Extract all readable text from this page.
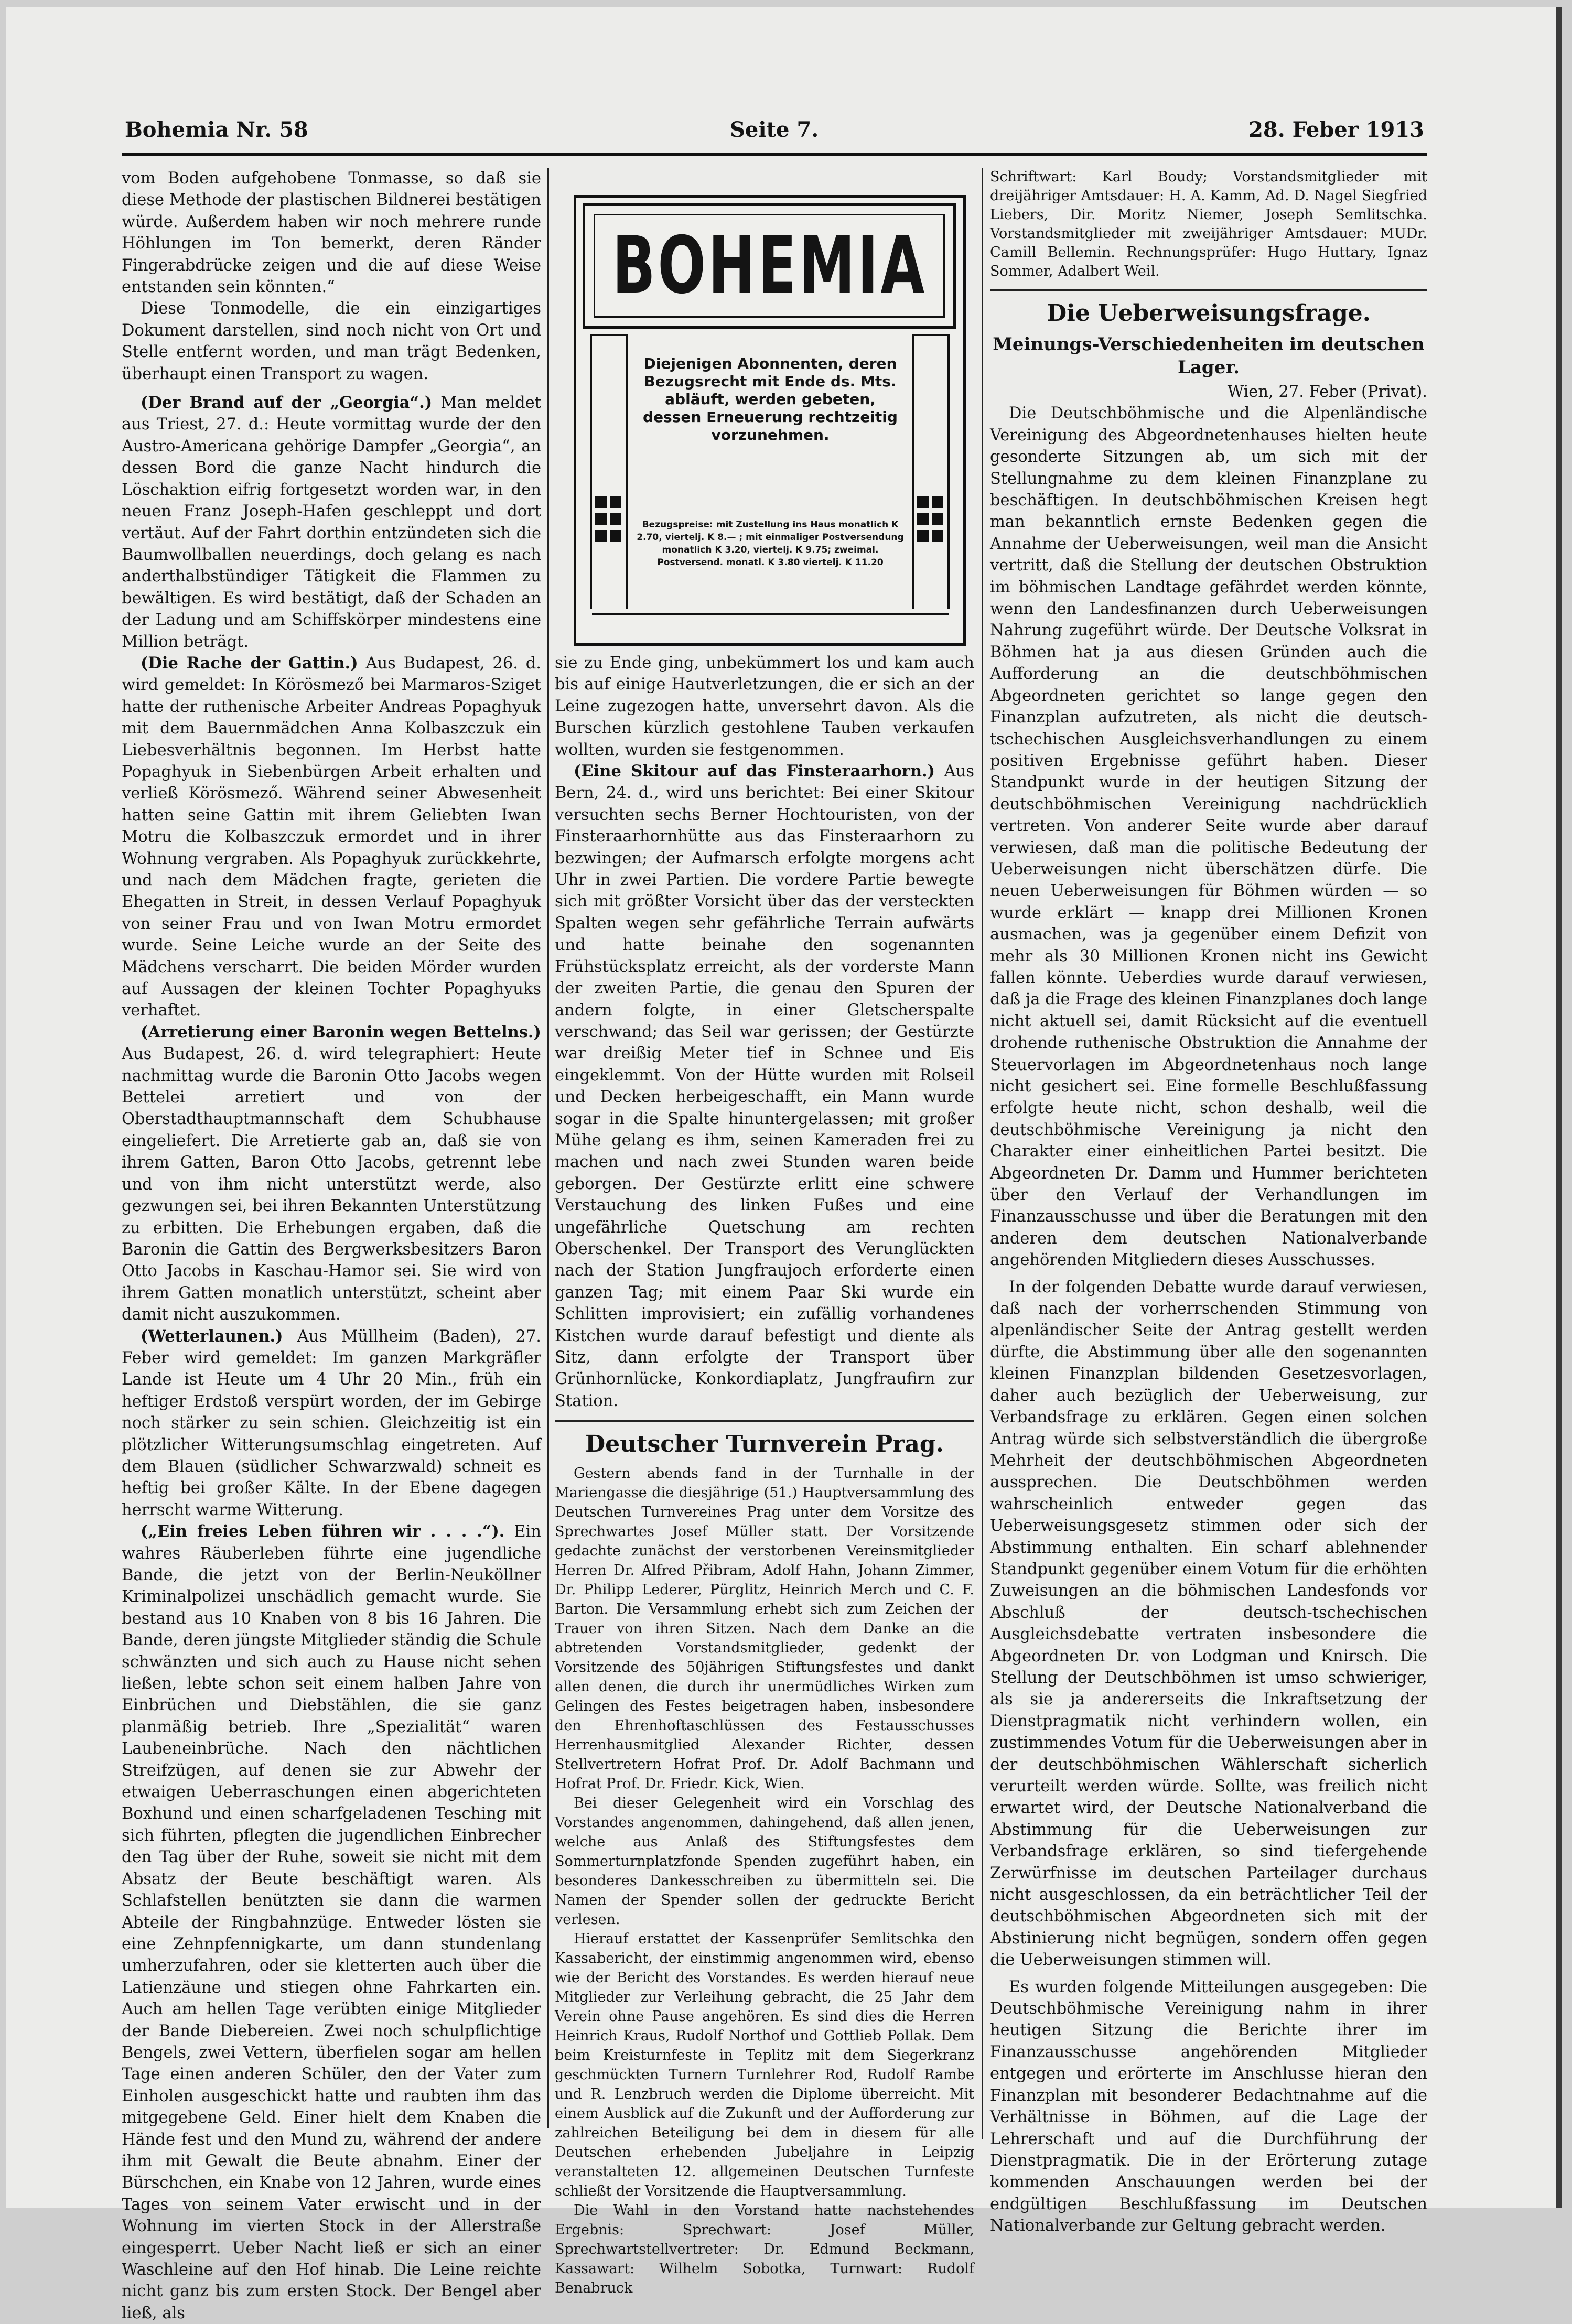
Bohemia Nr. 58	Seite 7.	28. Feber 1913

vom Boden aufgehobene Tonmasse, so daß sie diese Methode der plastischen Bildnerei bestätigen würde. Außerdem haben wir noch mehrere runde Höhlungen im Ton bemerkt, deren Ränder Fingerabdrücke zeigen und die auf diese Weise entstanden sein könnten.“

Diese Tonmodelle, die ein einzigartiges Dokument darstellen, sind noch nicht von Ort und Stelle entfernt worden, und man trägt Bedenken, überhaupt einen Transport zu wagen.

(Der Brand auf der „Georgia“.) Man meldet aus Triest, 27. d.: Heute vormittag wurde der den Austro-Americana gehörige Dampfer „Georgia“, an dessen Bord die ganze Nacht hindurch die Löschaktion eifrig fortgesetzt worden war, in den neuen Franz Joseph-Hafen geschleppt und dort vertäut. Auf der Fahrt dorthin entzündeten sich die Baumwollballen neuerdings, doch gelang es nach anderthalbstündiger Tätigkeit die Flammen zu bewältigen. Es wird bestätigt, daß der Schaden an der Ladung und am Schiffskörper mindestens eine Million beträgt.

(Die Rache der Gattin.) Aus Budapest, 26. d. wird gemeldet: In Körösmező bei Marmaros-Sziget hatte der ruthenische Arbeiter Andreas Popaghyuk mit dem Bauernmädchen Anna Kolbaszczuk ein Liebesverhältnis begonnen. Im Herbst hatte Popaghyuk in Siebenbürgen Arbeit erhalten und verließ Körösmező. Während seiner Abwesenheit hatten seine Gattin mit ihrem Geliebten Iwan Motru die Kolbaszczuk ermordet und in ihrer Wohnung vergraben. Als Popaghyuk zurückkehrte, und nach dem Mädchen fragte, gerieten die Ehegatten in Streit, in dessen Verlauf Popaghyuk von seiner Frau und von Iwan Motru ermordet wurde. Seine Leiche wurde an der Seite des Mädchens verscharrt. Die beiden Mörder wurden auf Aussagen der kleinen Tochter Popaghyuks verhaftet.

(Arretierung einer Baronin wegen Bettelns.) Aus Budapest, 26. d. wird telegraphiert: Heute nachmittag wurde die Baronin Otto Jacobs wegen Bettelei arretiert und von der Oberstadthauptmannschaft dem Schubhause eingeliefert. Die Arretierte gab an, daß sie von ihrem Gatten, Baron Otto Jacobs, getrennt lebe und von ihm nicht unterstützt werde, also gezwungen sei, bei ihren Bekannten Unterstützung zu erbitten. Die Erhebungen ergaben, daß die Baronin die Gattin des Bergwerksbesitzers Baron Otto Jacobs in Kaschau-Hamor sei. Sie wird von ihrem Gatten monatlich unterstützt, scheint aber damit nicht auszukommen.

(Wetterlaunen.) Aus Müllheim (Baden), 27. Feber wird gemeldet: Im ganzen Markgräfler Lande ist Heute um 4 Uhr 20 Min., früh ein heftiger Erdstoß verspürt worden, der im Gebirge noch stärker zu sein schien. Gleichzeitig ist ein plötzlicher Witterungsumschlag eingetreten. Auf dem Blauen (südlicher Schwarzwald) schneit es heftig bei großer Kälte. In der Ebene dagegen herrscht warme Witterung.

(„Ein freies Leben führen wir . . . .“). Ein wahres Räuberleben führte eine jugendliche Bande, die jetzt von der Berlin-Neuköllner Kriminalpolizei unschädlich gemacht wurde. Sie bestand aus 10 Knaben von 8 bis 16 Jahren. Die Bande, deren jüngste Mitglieder ständig die Schule schwänzten und sich auch zu Hause nicht sehen ließen, lebte schon seit einem halben Jahre von Einbrüchen und Diebstählen, die sie ganz planmäßig betrieb. Ihre „Spezialität“ waren Laubeneinbrüche. Nach den nächtlichen Streifzügen, auf denen sie zur Abwehr der etwaigen Ueberraschungen einen abgerichteten Boxhund und einen scharfgeladenen Tesching mit sich führten, pflegten die jugendlichen Einbrecher den Tag über der Ruhe, soweit sie nicht mit dem Absatz der Beute beschäftigt waren. Als Schlafstellen benützten sie dann die warmen Abteile der Ringbahnzüge. Entweder lösten sie eine Zehnpfennigkarte, um dann stundenlang umherzufahren, oder sie kletterten auch über die Latienzäune und stiegen ohne Fahrkarten ein. Auch am hellen Tage verübten einige Mitglieder der Bande Diebereien. Zwei noch schulpflichtige Bengels, zwei Vettern, überfielen sogar am hellen Tage einen anderen Schüler, den der Vater zum Einholen ausgeschickt hatte und raubten ihm das mitgegebene Geld. Einer hielt dem Knaben die Hände fest und den Mund zu, während der andere ihm mit Gewalt die Beute abnahm. Einer der Bürschchen, ein Knabe von 12 Jahren, wurde eines Tages von seinem Vater erwischt und in der Wohnung im vierten Stock in der Allerstraße eingesperrt. Ueber Nacht ließ er sich an einer Waschleine auf den Hof hinab. Die Leine reichte nicht ganz bis zum ersten Stock. Der Bengel aber ließ, als

BOHEMIA

Diejenigen Abonnenten, deren Bezugsrecht mit Ende ds. Mts. abläuft, werden gebeten, dessen Erneuerung rechtzeitig vorzunehmen.
Bezugspreise: mit Zustellung ins Haus monatlich K 2.70, viertelj. K 8.— ; mit einmaliger Postversendung monatlich K 3.20, viertelj. K 9.75; zweimal. Postversend. monatl. K 3.80 viertelj. K 11.20

sie zu Ende ging, unbekümmert los und kam auch bis auf einige Hautverletzungen, die er sich an der Leine zugezogen hatte, unversehrt davon. Als die Burschen kürzlich gestohlene Tauben verkaufen wollten, wurden sie festgenommen.

(Eine Skitour auf das Finsteraarhorn.) Aus Bern, 24. d., wird uns berichtet: Bei einer Skitour versuchten sechs Berner Hochtouristen, von der Finsteraarhornhütte aus das Finsteraarhorn zu bezwingen; der Aufmarsch erfolgte morgens acht Uhr in zwei Partien. Die vordere Partie bewegte sich mit größter Vorsicht über das der versteckten Spalten wegen sehr gefährliche Terrain aufwärts und hatte beinahe den sogenannten Frühstücksplatz erreicht, als der vorderste Mann der zweiten Partie, die genau den Spuren der andern folgte, in einer Gletscherspalte verschwand; das Seil war gerissen; der Gestürzte war dreißig Meter tief in Schnee und Eis eingeklemmt. Von der Hütte wurden mit Rolseil und Decken herbeigeschafft, ein Mann wurde sogar in die Spalte hinuntergelassen; mit großer Mühe gelang es ihm, seinen Kameraden frei zu machen und nach zwei Stunden waren beide geborgen. Der Gestürzte erlitt eine schwere Verstauchung des linken Fußes und eine ungefährliche Quetschung am rechten Oberschenkel. Der Transport des Verunglückten nach der Station Jungfraujoch erforderte einen ganzen Tag; mit einem Paar Ski wurde ein Schlitten improvisiert; ein zufällig vorhandenes Kistchen wurde darauf befestigt und diente als Sitz, dann erfolgte der Transport über Grünhornlücke, Konkordiaplatz, Jungfraufirn zur Station.

Deutscher Turnverein Prag.

Gestern abends fand in der Turnhalle in der Mariengasse die diesjährige (51.) Hauptversammlung des Deutschen Turnvereines Prag unter dem Vorsitze des Sprechwartes Josef Müller statt. Der Vorsitzende gedachte zunächst der verstorbenen Vereinsmitglieder Herren Dr. Alfred Přibram, Adolf Hahn, Johann Zimmer, Dr. Philipp Lederer, Pürglitz, Heinrich Merch und C. F. Barton. Die Versammlung erhebt sich zum Zeichen der Trauer von ihren Sitzen. Nach dem Danke an die abtretenden Vorstandsmitglieder, gedenkt der Vorsitzende des 50jährigen Stiftungsfestes und dankt allen denen, die durch ihr unermüdliches Wirken zum Gelingen des Festes beigetragen haben, insbesondere den Ehrenhoftaschlüssen des Festausschusses Herrenhausmitglied Alexander Richter, dessen Stellvertretern Hofrat Prof. Dr. Adolf Bachmann und Hofrat Prof. Dr. Friedr. Kick, Wien.

Bei dieser Gelegenheit wird ein Vorschlag des Vorstandes angenommen, dahingehend, daß allen jenen, welche aus Anlaß des Stiftungsfestes dem Sommerturnplatzfonde Spenden zugeführt haben, ein besonderes Dankesschreiben zu übermitteln sei. Die Namen der Spender sollen der gedruckte Bericht verlesen.

Hierauf erstattet der Kassenprüfer Semlitschka den Kassabericht, der einstimmig angenommen wird, ebenso wie der Bericht des Vorstandes. Es werden hierauf neue Mitglieder zur Verleihung gebracht, die 25 Jahr dem Verein ohne Pause angehören. Es sind dies die Herren Heinrich Kraus, Rudolf Northof und Gottlieb Pollak. Dem beim Kreisturnfeste in Teplitz mit dem Siegerkranz geschmückten Turnern Turnlehrer Rod, Rudolf Rambe und R. Lenzbruch werden die Diplome überreicht. Mit einem Ausblick auf die Zukunft und der Aufforderung zur zahlreichen Beteiligung bei dem in diesem für alle Deutschen erhebenden Jubeljahre in Leipzig veranstalteten 12. allgemeinen Deutschen Turnfeste schließt der Vorsitzende die Hauptversammlung.

Die Wahl in den Vorstand hatte nachstehendes Ergebnis: Sprechwart: Josef Müller, Sprechwartstellvertreter: Dr. Edmund Beckmann, Kassawart: Wilhelm Sobotka, Turnwart: Rudolf Benabruck

Schriftwart: Karl Boudy; Vorstandsmitglieder mit dreijähriger Amtsdauer: H. A. Kamm, Ad. D. Nagel Siegfried Liebers, Dir. Moritz Niemer, Joseph Semlitschka. Vorstandsmitglieder mit zweijähriger Amtsdauer: MUDr. Camill Bellemin. Rechnungsprüfer: Hugo Huttary, Ignaz Sommer, Adalbert Weil.

Die Ueberweisungsfrage.
Meinungs-Verschiedenheiten im deutschen Lager.
Wien, 27. Feber (Privat).

Die Deutschböhmische und die Alpenländische Vereinigung des Abgeordnetenhauses hielten heute gesonderte Sitzungen ab, um sich mit der Stellungnahme zu dem kleinen Finanzplane zu beschäftigen. In deutschböhmischen Kreisen hegt man bekanntlich ernste Bedenken gegen die Annahme der Ueberweisungen, weil man die Ansicht vertritt, daß die Stellung der deutschen Obstruktion im böhmischen Landtage gefährdet werden könnte, wenn den Landesfinanzen durch Ueberweisungen Nahrung zugeführt würde. Der Deutsche Volksrat in Böhmen hat ja aus diesen Gründen auch die Aufforderung an die deutschböhmischen Abgeordneten gerichtet so lange gegen den Finanzplan aufzutreten, als nicht die deutsch-tschechischen Ausgleichsverhandlungen zu einem positiven Ergebnisse geführt haben. Dieser Standpunkt wurde in der heutigen Sitzung der deutschböhmischen Vereinigung nachdrücklich vertreten. Von anderer Seite wurde aber darauf verwiesen, daß man die politische Bedeutung der Ueberweisungen nicht überschätzen dürfe. Die neuen Ueberweisungen für Böhmen würden — so wurde erklärt — knapp drei Millionen Kronen ausmachen, was ja gegenüber einem Defizit von mehr als 30 Millionen Kronen nicht ins Gewicht fallen könnte. Ueberdies wurde darauf verwiesen, daß ja die Frage des kleinen Finanzplanes doch lange nicht aktuell sei, damit Rücksicht auf die eventuell drohende ruthenische Obstruktion die Annahme der Steuervorlagen im Abgeordnetenhaus noch lange nicht gesichert sei. Eine formelle Beschlußfassung erfolgte heute nicht, schon deshalb, weil die deutschböhmische Vereinigung ja nicht den Charakter einer einheitlichen Partei besitzt. Die Abgeordneten Dr. Damm und Hummer berichteten über den Verlauf der Verhandlungen im Finanzausschusse und über die Beratungen mit den anderen dem deutschen Nationalverbande angehörenden Mitgliedern dieses Ausschusses.

In der folgenden Debatte wurde darauf verwiesen, daß nach der vorherrschenden Stimmung von alpenländischer Seite der Antrag gestellt werden dürfte, die Abstimmung über alle den sogenannten kleinen Finanzplan bildenden Gesetzesvorlagen, daher auch bezüglich der Ueberweisung, zur Verbandsfrage zu erklären. Gegen einen solchen Antrag würde sich selbstverständlich die übergroße Mehrheit der deutschböhmischen Abgeordneten aussprechen. Die Deutschböhmen werden wahrscheinlich entweder gegen das Ueberweisungsgesetz stimmen oder sich der Abstimmung enthalten. Ein scharf ablehnender Standpunkt gegenüber einem Votum für die erhöhten Zuweisungen an die böhmischen Landesfonds vor Abschluß der deutsch-tschechischen Ausgleichsdebatte vertraten insbesondere die Abgeordneten Dr. von Lodgman und Knirsch. Die Stellung der Deutschböhmen ist umso schwieriger, als sie ja andererseits die Inkraftsetzung der Dienstpragmatik nicht verhindern wollen, ein zustimmendes Votum für die Ueberweisungen aber in der deutschböhmischen Wählerschaft sicherlich verurteilt werden würde. Sollte, was freilich nicht erwartet wird, der Deutsche Nationalverband die Abstimmung für die Ueberweisungen zur Verbandsfrage erklären, so sind tiefergehende Zerwürfnisse im deutschen Parteilager durchaus nicht ausgeschlossen, da ein beträchtlicher Teil der deutschböhmischen Abgeordneten sich mit der Abstinierung nicht begnügen, sondern offen gegen die Ueberweisungen stimmen will.

Es wurden folgende Mitteilungen ausgegeben: Die Deutschböhmische Vereinigung nahm in ihrer heutigen Sitzung die Berichte ihrer im Finanzausschusse angehörenden Mitglieder entgegen und erörterte im Anschlusse hieran den Finanzplan mit besonderer Bedachtnahme auf die Verhältnisse in Böhmen, auf die Lage der Lehrerschaft und auf die Durchführung der Dienstpragmatik. Die in der Erörterung zutage kommenden Anschauungen werden bei der endgültigen Beschlußfassung im Deutschen Nationalverbande zur Geltung gebracht werden.
